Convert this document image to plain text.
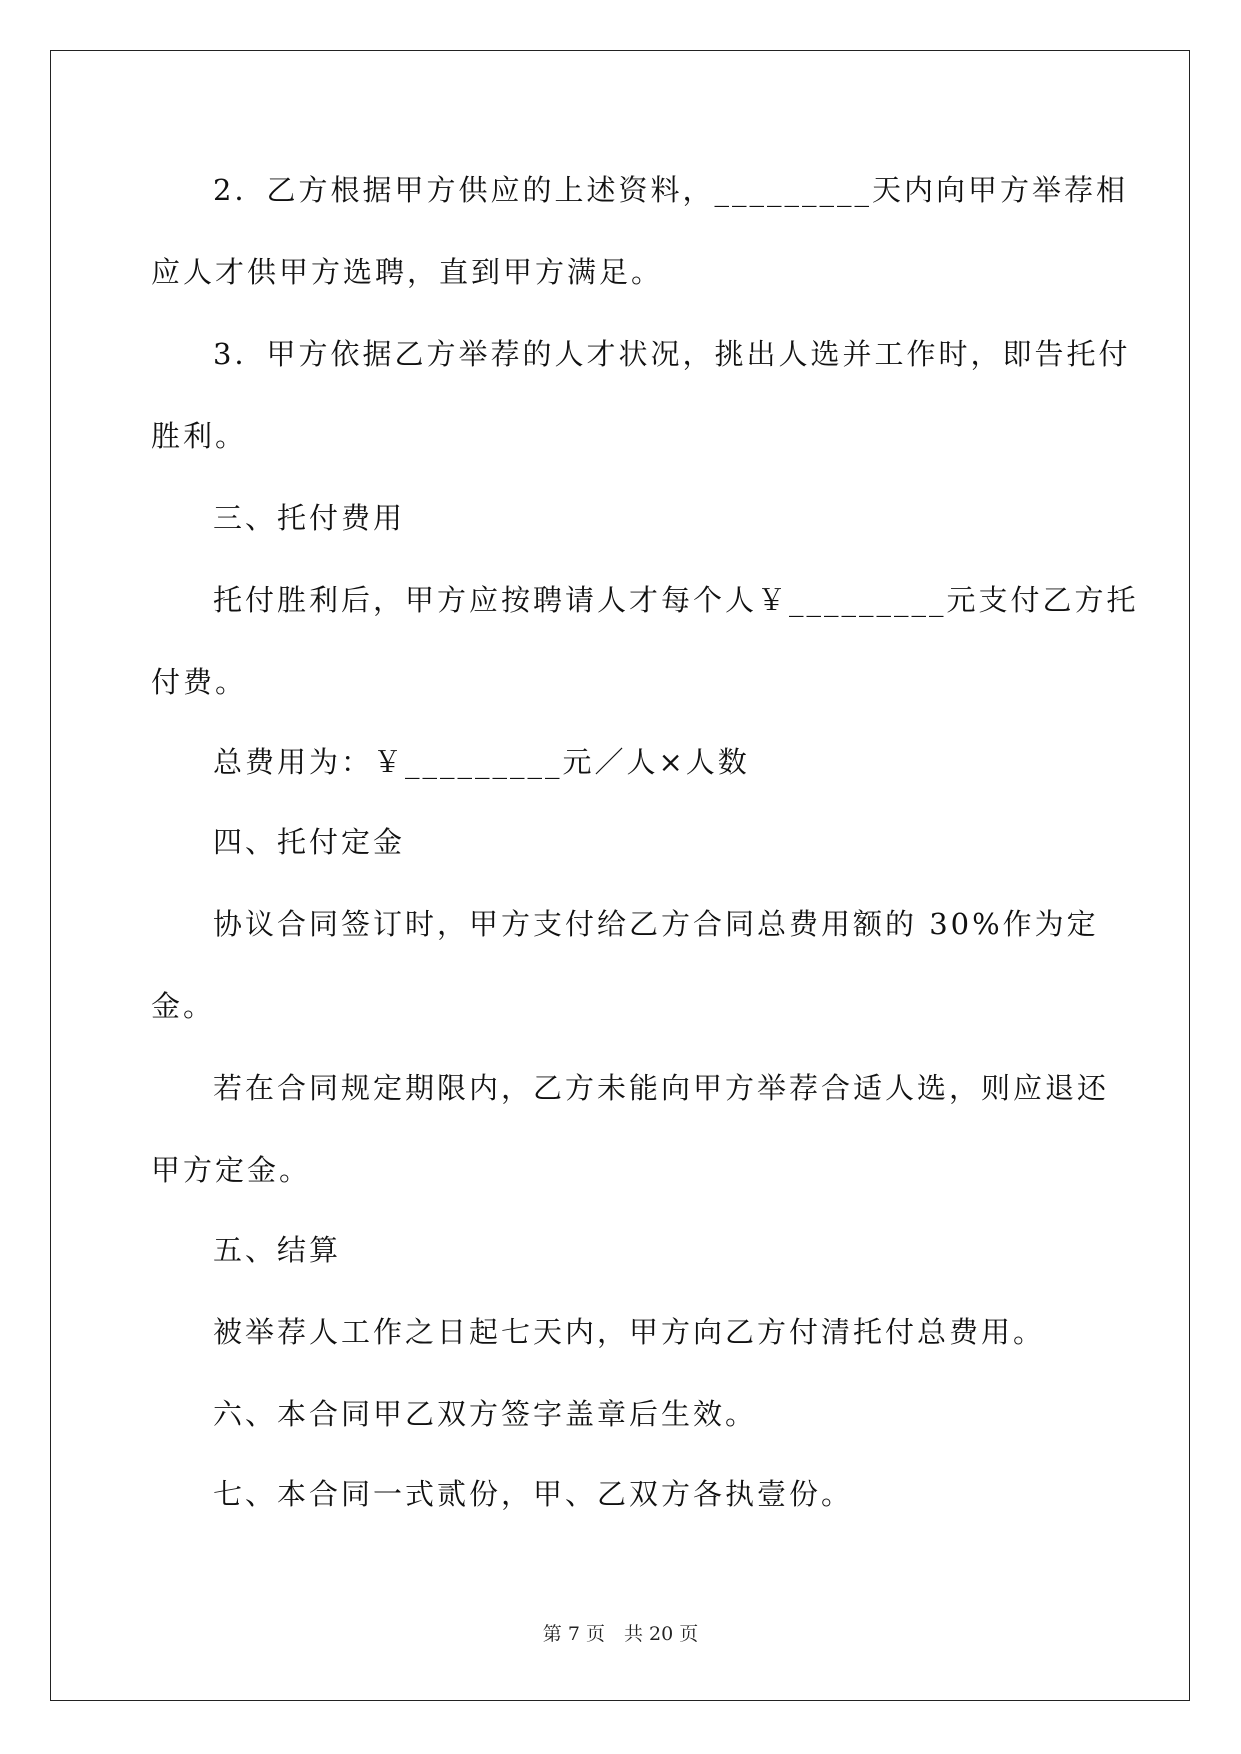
2．乙方根据甲方供应的上述资料，_________天内向甲方举荐相
应人才供甲方选聘，直到甲方满足。
3．甲方依据乙方举荐的人才状况，挑出人选并工作时，即告托付
胜利。
三、托付费用
托付胜利后，甲方应按聘请人才每个人￥_________元支付乙方托
付费。
总费用为：￥_________元／人×人数
四、托付定金
协议合同签订时，甲方支付给乙方合同总费用额的 30%作为定
金。
若在合同规定期限内，乙方未能向甲方举荐合适人选，则应退还
甲方定金。
五、结算
被举荐人工作之日起七天内，甲方向乙方付清托付总费用。
六、本合同甲乙双方签字盖章后生效。
七、本合同一式贰份，甲、乙双方各执壹份。
第 7 页　共 20 页
